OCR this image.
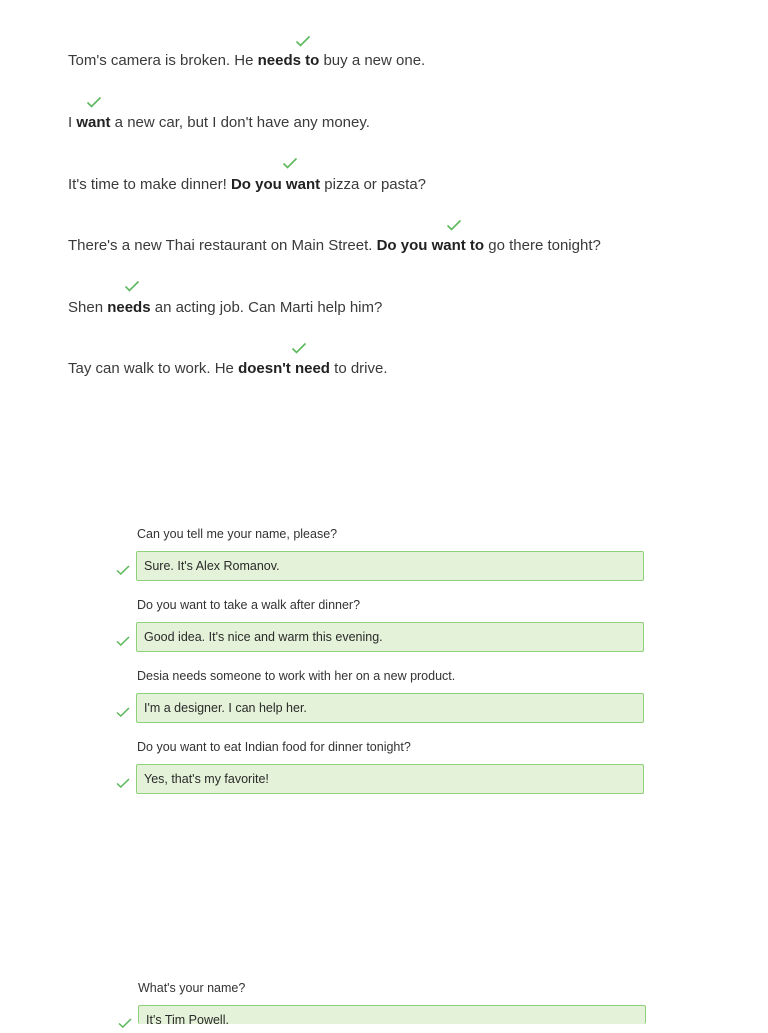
Tom's camera is broken. He needs to buy a new one.
I want a new car, but I don't have any money.
It's time to make dinner! Do you want pizza or pasta?
There's a new Thai restaurant on Main Street. Do you want to go there tonight?
Shen needs an acting job. Can Marti help him?
Tay can walk to work. He doesn't need to drive.
Can you tell me your name, please?
Sure. It's Alex Romanov.
Do you want to take a walk after dinner?
Good idea. It's nice and warm this evening.
Desia needs someone to work with her on a new product.
I'm a designer. I can help her.
Do you want to eat Indian food for dinner tonight?
Yes, that's my favorite!
What's your name?
It's Tim Powell.
